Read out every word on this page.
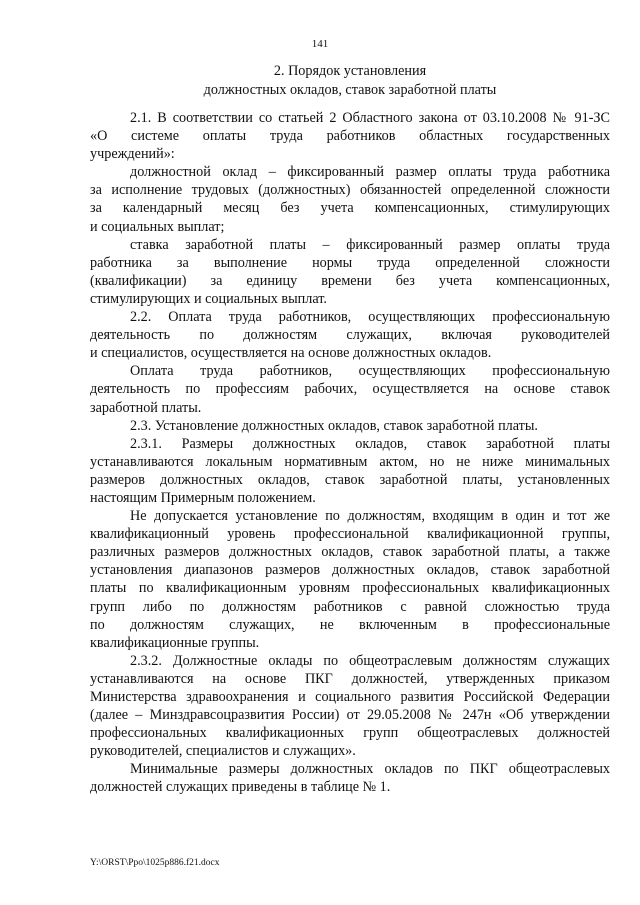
141
2. Порядок установления
должностных окладов, ставок заработной платы
2.1. В соответствии со статьей 2 Областного закона от 03.10.2008 № 91-ЗС
«О системе оплаты труда работников областных государственных
учреждений»:
должностной оклад – фиксированный размер оплаты труда работника
за исполнение трудовых (должностных) обязанностей определенной сложности
за календарный месяц без учета компенсационных, стимулирующих
и социальных выплат;
ставка заработной платы – фиксированный размер оплаты труда
работника за выполнение нормы труда определенной сложности
(квалификации) за единицу времени без учета компенсационных,
стимулирующих и социальных выплат.
2.2. Оплата труда работников, осуществляющих профессиональную
деятельность по должностям служащих, включая руководителей
и специалистов, осуществляется на основе должностных окладов.
Оплата труда работников, осуществляющих профессиональную
деятельность по профессиям рабочих, осуществляется на основе ставок
заработной платы.
2.3. Установление должностных окладов, ставок заработной платы.
2.3.1. Размеры должностных окладов, ставок заработной платы
устанавливаются локальным нормативным актом, но не ниже минимальных
размеров должностных окладов, ставок заработной платы, установленных
настоящим Примерным положением.
Не допускается установление по должностям, входящим в один и тот же
квалификационный уровень профессиональной квалификационной группы,
различных размеров должностных окладов, ставок заработной платы, а также
установления диапазонов размеров должностных окладов, ставок заработной
платы по квалификационным уровням профессиональных квалификационных
групп либо по должностям работников с равной сложностью труда
по должностям служащих, не включенным в профессиональные
квалификационные группы.
2.3.2. Должностные оклады по общеотраслевым должностям служащих
устанавливаются на основе ПКГ должностей, утвержденных приказом
Министерства здравоохранения и социального развития Российской Федерации
(далее – Минздравсоцразвития России) от 29.05.2008 № 247н «Об утверждении
профессиональных квалификационных групп общеотраслевых должностей
руководителей, специалистов и служащих».
Минимальные размеры должностных окладов по ПКГ общеотраслевых
должностей служащих приведены в таблице № 1.
Y:\ORST\Ppo\1025p886.f21.docx
